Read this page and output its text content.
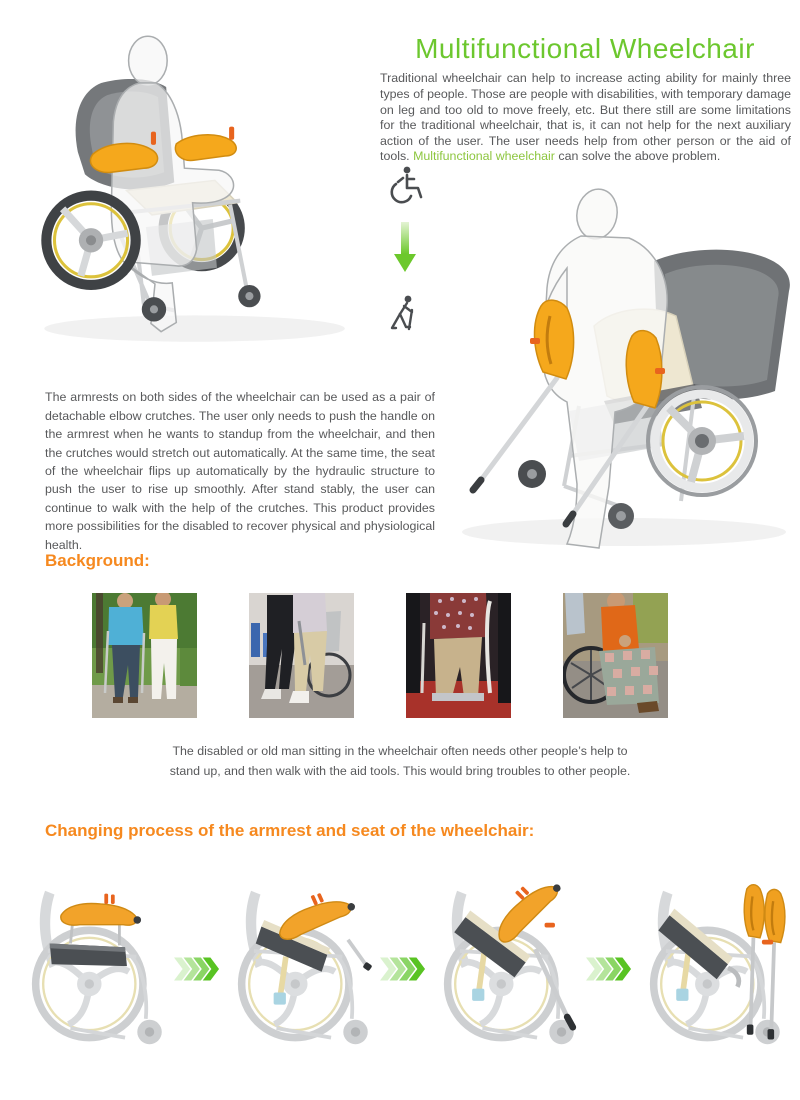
Multifunctional Wheelchair

Traditional wheelchair can help to increase acting ability for mainly three types of people. Those are people with disabilities, with temporary damage on leg and too old to move freely, etc. But there still are some limitations for the traditional wheelchair, that is, it can not help for the next auxiliary action of the user. The user needs help from other person or the aid of tools. Multifunctional wheelchair can solve the above problem.

The armrests on both sides of the wheelchair can be used as a pair of detachable elbow crutches. The user only needs to push the handle on the armrest when he wants to standup from the wheelchair, and then the crutches would stretch out automatically. At the same time, the seat of the wheelchair flips up automatically by the hydraulic structure to push the user to rise up smoothly. After stand stably, the user can continue to walk with the help of the crutches. This product provides more possibilities for the disabled to recover physical and physiological health.

Background:
The disabled or old man sitting in the wheelchair often needs other people’s help to
stand up, and then walk with the aid tools. This would bring troubles to other people.
Changing process of the armrest and seat of the wheelchair:
